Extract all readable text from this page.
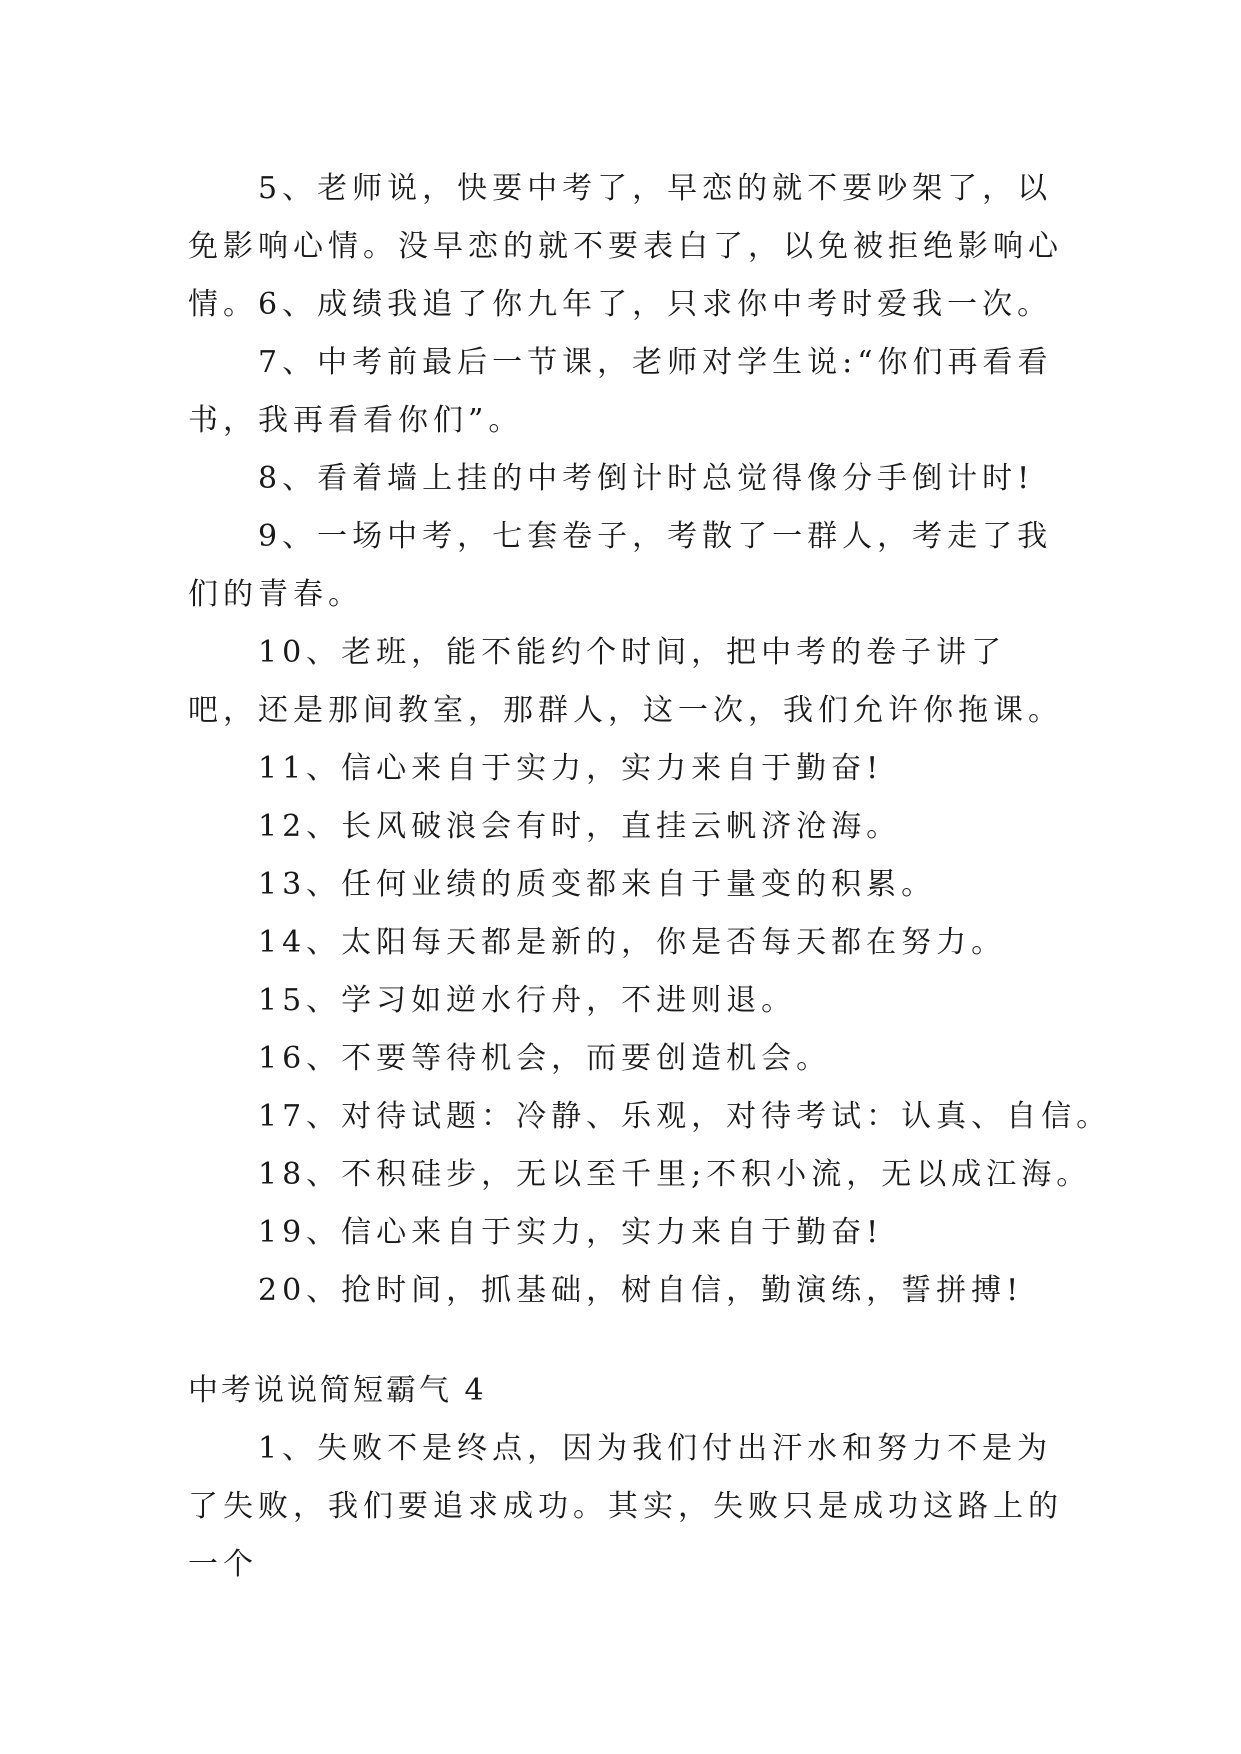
5、老师说，快要中考了，早恋的就不要吵架了，以免影响心情。没早恋的就不要表白了，以免被拒绝影响心情。 6、成绩我追了你九年了，只求你中考时爱我一次。

7、中考前最后一节课，老师对学生说:“你们再看看书，我再看看你们”。

8、看着墙上挂的中考倒计时总觉得像分手倒计时!

9、一场中考，七套卷子，考散了一群人，考走了我们的青春。

10、老班，能不能约个时间，把中考的卷子讲了吧，还是那间教室，那群人，这一次，我们允许你拖课。

11、信心来自于实力，实力来自于勤奋!

12、长风破浪会有时，直挂云帆济沧海。

13、任何业绩的质变都来自于量变的积累。

14、太阳每天都是新的，你是否每天都在努力。

15、学习如逆水行舟，不进则退。

16、不要等待机会，而要创造机会。

17、对待试题：冷静、乐观，对待考试：认真、自信。

18、不积硅步，无以至千里;不积小流，无以成江海。

19、信心来自于实力，实力来自于勤奋!

20、抢时间，抓基础，树自信，勤演练，誓拼搏!

中考说说简短霸气 4

1、失败不是终点，因为我们付出汗水和努力不是为了失败，我们要追求成功。其实，失败只是成功这路上的一个
